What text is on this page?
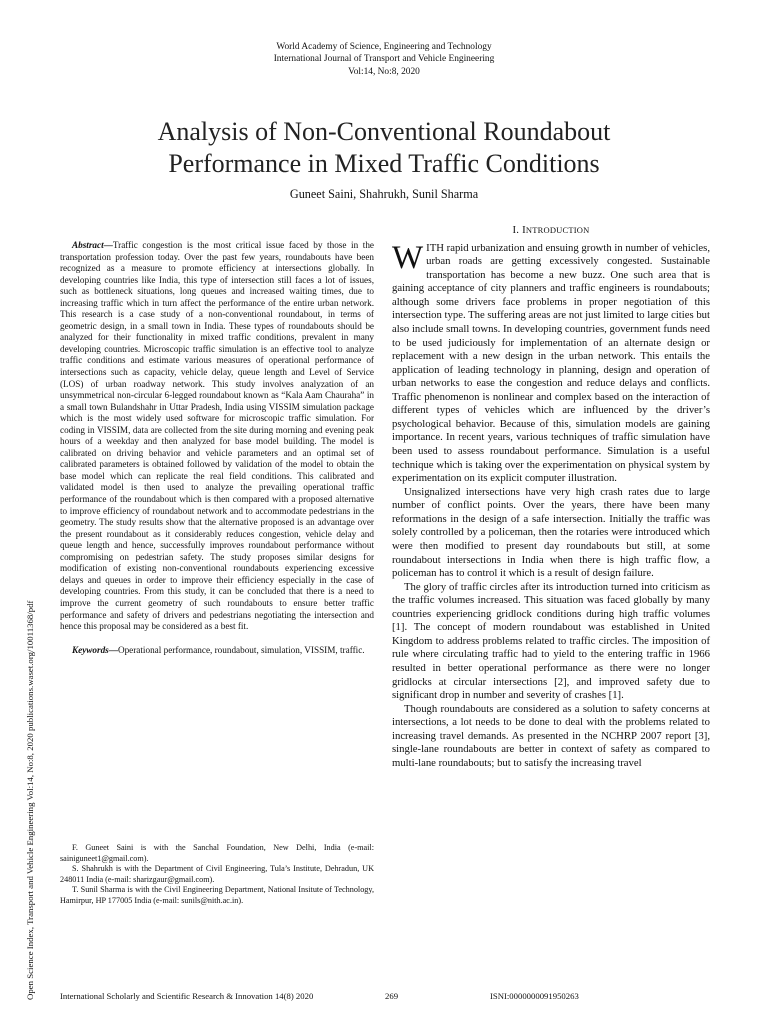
World Academy of Science, Engineering and Technology
International Journal of Transport and Vehicle Engineering
Vol:14, No:8, 2020
Analysis of Non-Conventional Roundabout
Performance in Mixed Traffic Conditions
Guneet Saini, Shahrukh, Sunil Sharma
Open Science Index, Transport and Vehicle Engineering Vol:14, No:8, 2020 publications.waset.org/10011368/pdf

Abstract—Traffic congestion is the most critical issue faced by those in the transportation profession today. Over the past few years, roundabouts have been recognized as a measure to promote efficiency at intersections globally. In developing countries like India, this type of intersection still faces a lot of issues, such as bottleneck situations, long queues and increased waiting times, due to increasing traffic which in turn affect the performance of the entire urban network. This research is a case study of a non-conventional roundabout, in terms of geometric design, in a small town in India. These types of roundabouts should be analyzed for their functionality in mixed traffic conditions, prevalent in many developing countries. Microscopic traffic simulation is an effective tool to analyze traffic conditions and estimate various measures of operational performance of intersections such as capacity, vehicle delay, queue length and Level of Service (LOS) of urban roadway network. This study involves analyzation of an unsymmetrical non-circular 6-legged roundabout known as “Kala Aam Chauraha” in a small town Bulandshahr in Uttar Pradesh, India using VISSIM simulation package which is the most widely used software for microscopic traffic simulation. For coding in VISSIM, data are collected from the site during morning and evening peak hours of a weekday and then analyzed for base model building. The model is calibrated on driving behavior and vehicle parameters and an optimal set of calibrated parameters is obtained followed by validation of the model to obtain the base model which can replicate the real field conditions. This calibrated and validated model is then used to analyze the prevailing operational traffic performance of the roundabout which is then compared with a proposed alternative to improve efficiency of roundabout network and to accommodate pedestrians in the geometry. The study results show that the alternative proposed is an advantage over the present roundabout as it considerably reduces congestion, vehicle delay and queue length and hence, successfully improves roundabout performance without compromising on pedestrian safety. The study proposes similar designs for modification of existing non-conventional roundabouts experiencing excessive delays and queues in order to improve their efficiency especially in the case of developing countries. From this study, it can be concluded that there is a need to improve the current geometry of such roundabouts to ensure better traffic performance and safety of drivers and pedestrians negotiating the intersection and hence this proposal may be considered as a best fit.

Keywords—Operational performance, roundabout, simulation, VISSIM, traffic.

F. Guneet Saini is with the Sanchal Foundation, New Delhi, India (e-mail: sainiguneet1@gmail.com).

S. Shahrukh is with the Department of Civil Engineering, Tula’s Institute, Dehradun, UK 248011 India (e-mail: sharizgaur@gmail.com).

T. Sunil Sharma is with the Civil Engineering Department, National Insitute of Technology, Hamirpur, HP 177005 India (e-mail: sunils@nith.ac.in).

I. INTRODUCTION

WITH rapid urbanization and ensuing growth in number of vehicles, urban roads are getting excessively congested. Sustainable transportation has become a new buzz. One such area that is gaining acceptance of city planners and traffic engineers is roundabouts; although some drivers face problems in proper negotiation of this intersection type. The suffering areas are not just limited to large cities but also include small towns. In developing countries, government funds need to be used judiciously for implementation of an alternate design or replacement with a new design in the urban network. This entails the application of leading technology in planning, design and operation of urban networks to ease the congestion and reduce delays and conflicts. Traffic phenomenon is nonlinear and complex based on the interaction of different types of vehicles which are influenced by the driver’s psychological behavior. Because of this, simulation models are gaining importance. In recent years, various techniques of traffic simulation have been used to assess roundabout performance. Simulation is a useful technique which is taking over the experimentation on physical system by experimentation on its explicit computer illustration.

Unsignalized intersections have very high crash rates due to large number of conflict points. Over the years, there have been many reformations in the design of a safe intersection. Initially the traffic was solely controlled by a policeman, then the rotaries were introduced which were then modified to present day roundabouts but still, at some roundabout intersections in India when there is high traffic flow, a policeman has to control it which is a result of design failure.

The glory of traffic circles after its introduction turned into criticism as the traffic volumes increased. This situation was faced globally by many countries experiencing gridlock conditions during high traffic volumes [1]. The concept of modern roundabout was established in United Kingdom to address problems related to traffic circles. The imposition of rule where circulating traffic had to yield to the entering traffic in 1966 resulted in better operational performance as there were no longer gridlocks at circular intersections [2], and improved safety due to significant drop in number and severity of crashes [1].

Though roundabouts are considered as a solution to safety concerns at intersections, a lot needs to be done to deal with the problems related to increasing travel demands. As presented in the NCHRP 2007 report [3], single-lane roundabouts are better in context of safety as compared to multi-lane roundabouts; but to satisfy the increasing travel

International Scholarly and Scientific Research & Innovation 14(8) 2020	269	ISNI:0000000091950263
